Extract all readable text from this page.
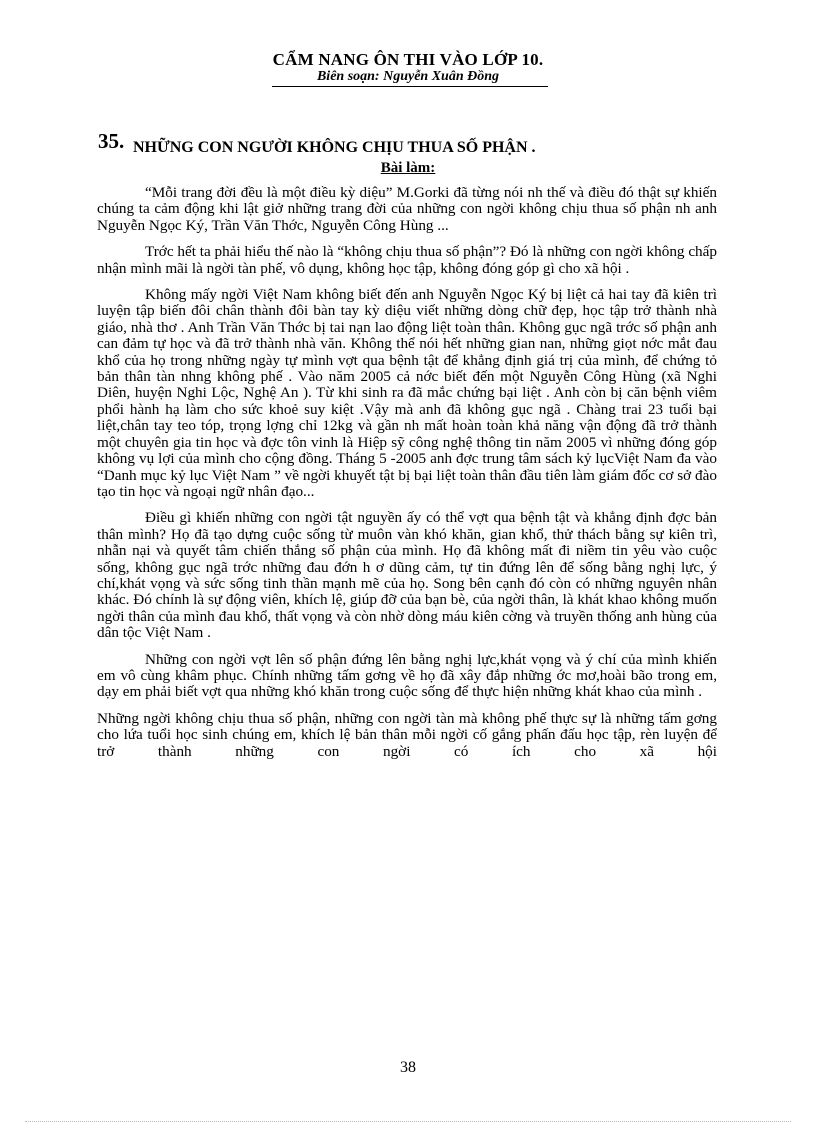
CẨM NANG ÔN THI VÀO LỚP 10.
Biên soạn: Nguyễn Xuân Đồng
35. NHỮNG CON NGƯỜI KHÔNG CHỊU THUA SỐ PHẬN .
Bài làm:

“Mỗi trang đời đều là một điều kỳ diệu” M.Gorki đã từng nói nh thế và điều đó thật sự khiến chúng ta cảm động khi lật giở những trang đời của những con ngời không chịu thua số phận nh anh Nguyễn Ngọc Ký, Trần Văn Thớc, Nguyễn Công Hùng ...

Trớc hết ta phải hiểu thế nào là “không chịu thua số phận”? Đó là những con ngời không chấp nhận mình mãi là ngời tàn phế, vô dụng, không học tập, không đóng góp gì cho xã hội .

Không mấy ngời Việt Nam không biết đến anh Nguyễn Ngọc Ký bị liệt cả hai tay đã kiên trì luyện tập biến đôi chân thành đôi bàn tay kỳ diệu viết những dòng chữ đẹp, học tập trở thành nhà giáo, nhà thơ . Anh Trần Văn Thớc bị tai nạn lao động liệt toàn thân. Không gục ngã trớc số phận anh can đảm tự học và đã trở thành nhà văn. Không thể nói hết những gian nan, những giọt nớc mắt đau khổ của họ trong những ngày tự mình vợt qua bệnh tật để khẳng định giá trị của mình, để chứng tỏ bản thân tàn nhng không phế . Vào năm 2005 cả nớc biết đến một Nguyễn Công Hùng (xã Nghi Diên, huyện Nghi Lộc, Nghệ An ). Từ khi sinh ra đã mắc chứng bại liệt . Anh còn bị căn bệnh viêm phổi hành hạ làm cho sức khoẻ suy kiệt .Vậy mà anh đã không gục ngã . Chàng trai 23 tuổi bại liệt,chân tay teo tóp, trọng lợng chỉ 12kg và gần nh mất hoàn toàn khả năng vận động đã trở thành một chuyên gia tin học và đợc tôn vinh là Hiệp sỹ công nghệ thông tin năm 2005 vì những đóng góp không vụ lợi của mình cho cộng đồng. Tháng 5 -2005 anh đợc trung tâm sách kỷ lụcViệt Nam đa vào “Danh mục kỷ lục Việt Nam ” về ngời khuyết tật bị bại liệt toàn thân đầu tiên làm giám đốc cơ sở đào tạo tin học và ngoại ngữ nhân đạo...

Điều gì khiến những con ngời tật nguyền ấy có thể vợt qua bệnh tật và khẳng định đợc bản thân mình? Họ đã tạo dựng cuộc sống từ muôn vàn khó khăn, gian khổ, thử thách bằng sự kiên trì, nhẫn nại và quyết tâm chiến thắng số phận của mình. Họ đã không mất đi niềm tin yêu vào cuộc sống, không gục ngã trớc những đau đớn h ơ dũng cảm, tự tin đứng lên để sống bằng nghị lực, ý chí,khát vọng và sức sống tinh thần mạnh mẽ của họ. Song bên cạnh đó còn có những nguyên nhân khác. Đó chính là sự động viên, khích lệ, giúp đỡ của bạn bè, của ngời thân, là khát khao không muốn ngời thân của mình đau khổ, thất vọng và còn nhờ dòng máu kiên cờng và truyền thống anh hùng của dân tộc Việt Nam .

Những con ngời vợt lên số phận đứng lên bằng nghị lực,khát vọng và ý chí của mình khiến em vô cùng khâm phục. Chính những tấm gơng về họ đã xây đắp những ớc mơ,hoài bão trong em, dạy em phải biết vợt qua những khó khăn trong cuộc sống để thực hiện những khát khao của mình .

Những ngời không chịu thua số phận, những con ngời tàn mà không phế thực sự là những tấm gơng cho lứa tuổi học sinh chúng em, khích lệ bản thân mỗi ngời cố gắng phấn đấu học tập, rèn luyện để trở thành những con ngời có ích cho xã hội

38
